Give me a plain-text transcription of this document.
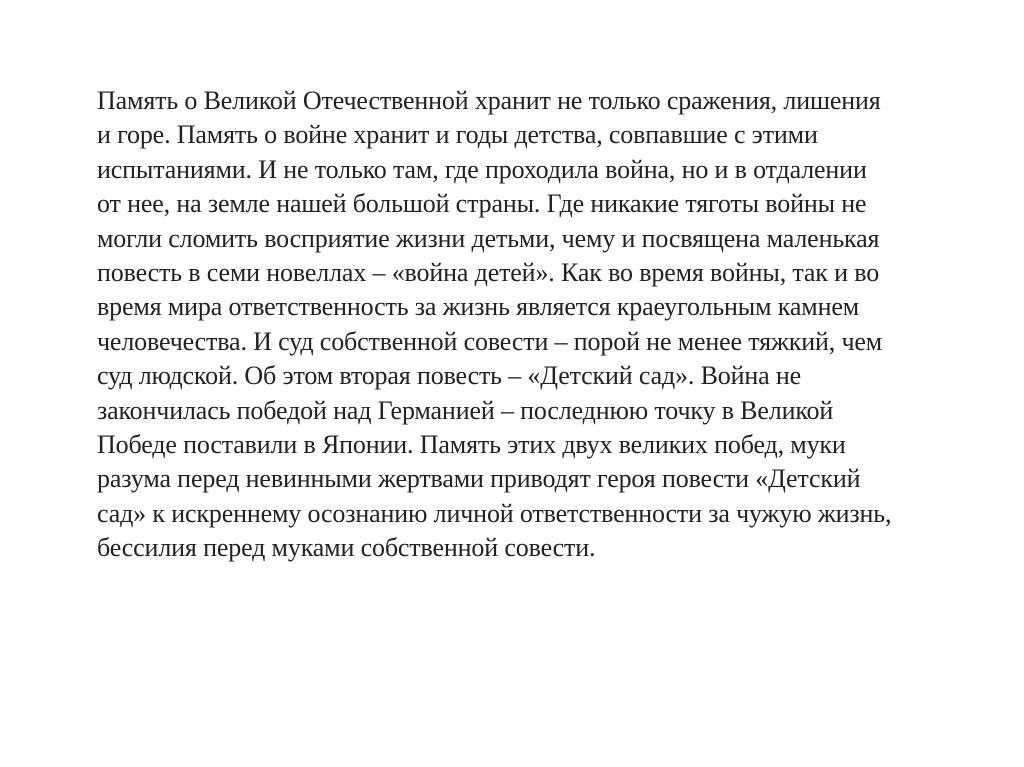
Память о Великой Отечественной хранит не только сражения, лишения
и горе. Память о войне хранит и годы детства, совпавшие с этими
испытаниями. И не только там, где проходила война, но и в отдалении
от нее, на земле нашей большой страны. Где никакие тяготы войны не
могли сломить восприятие жизни детьми, чему и посвящена маленькая
повесть в семи новеллах – «война детей». Как во время войны, так и во
время мира ответственность за жизнь является краеугольным камнем
человечества. И суд собственной совести – порой не менее тяжкий, чем
суд людской. Об этом вторая повесть – «Детский сад». Война не
закончилась победой над Германией – последнюю точку в Великой
Победе поставили в Японии. Память этих двух великих побед, муки
разума перед невинными жертвами приводят героя повести «Детский
сад» к искреннему осознанию личной ответственности за чужую жизнь,
бессилия перед муками собственной совести.
